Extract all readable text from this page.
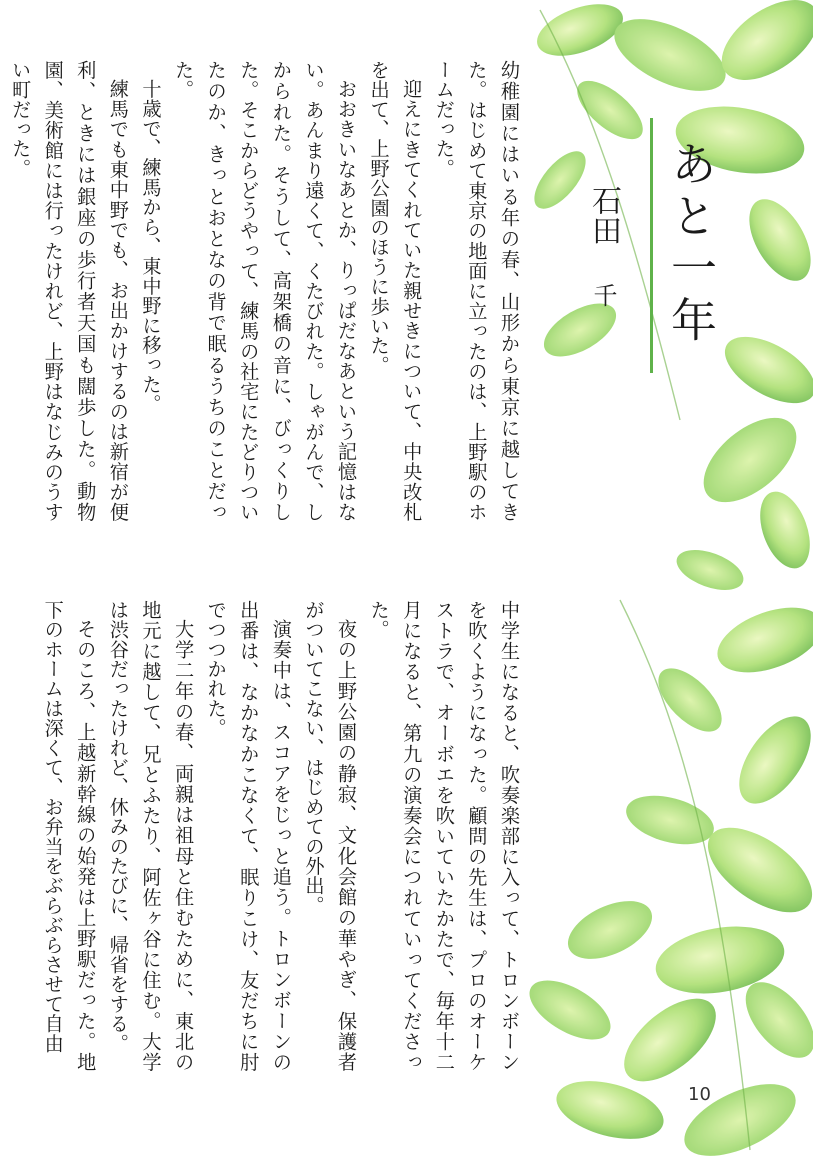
あと一年
石田千

幼稚園にはいる年の春、山形から東京に越してきた。はじめて東京の地面に立ったのは、上野駅のホームだった。

迎えにきてくれていた親せきについて、中央改札を出て、上野公園のほうに歩いた。

おおきいなあとか、りっぱだなあという記憶はない。あんまり遠くて、くたびれた。しゃがんで、しかられた。そうして、高架橋の音に、びっくりした。そこからどうやって、練馬の社宅にたどりついたのか、きっとおとなの背で眠るうちのことだった。

十歳で、練馬から、東中野に移った。

練馬でも東中野でも、お出かけするのは新宿が便利、ときには銀座の歩行者天国も闊歩した。動物園、美術館には行ったけれど、上野はなじみのうすい町だった。

中学生になると、吹奏楽部に入って、トロンボーンを吹くようになった。顧問の先生は、プロのオーケストラで、オーボエを吹いていたかたで、毎年十二月になると、第九の演奏会につれていってくださった。

夜の上野公園の静寂、文化会館の華やぎ、保護者がついてこない、はじめての外出。

演奏中は、スコアをじっと追う。トロンボーンの出番は、なかなかこなくて、眠りこけ、友だちに肘でつつかれた。

大学二年の春、両親は祖母と住むために、東北の地元に越して、兄とふたり、阿佐ヶ谷に住む。大学は渋谷だったけれど、休みのたびに、帰省をする。

そのころ、上越新幹線の始発は上野駅だった。地下のホームは深くて、お弁当をぶらぶらさせて自由

10
